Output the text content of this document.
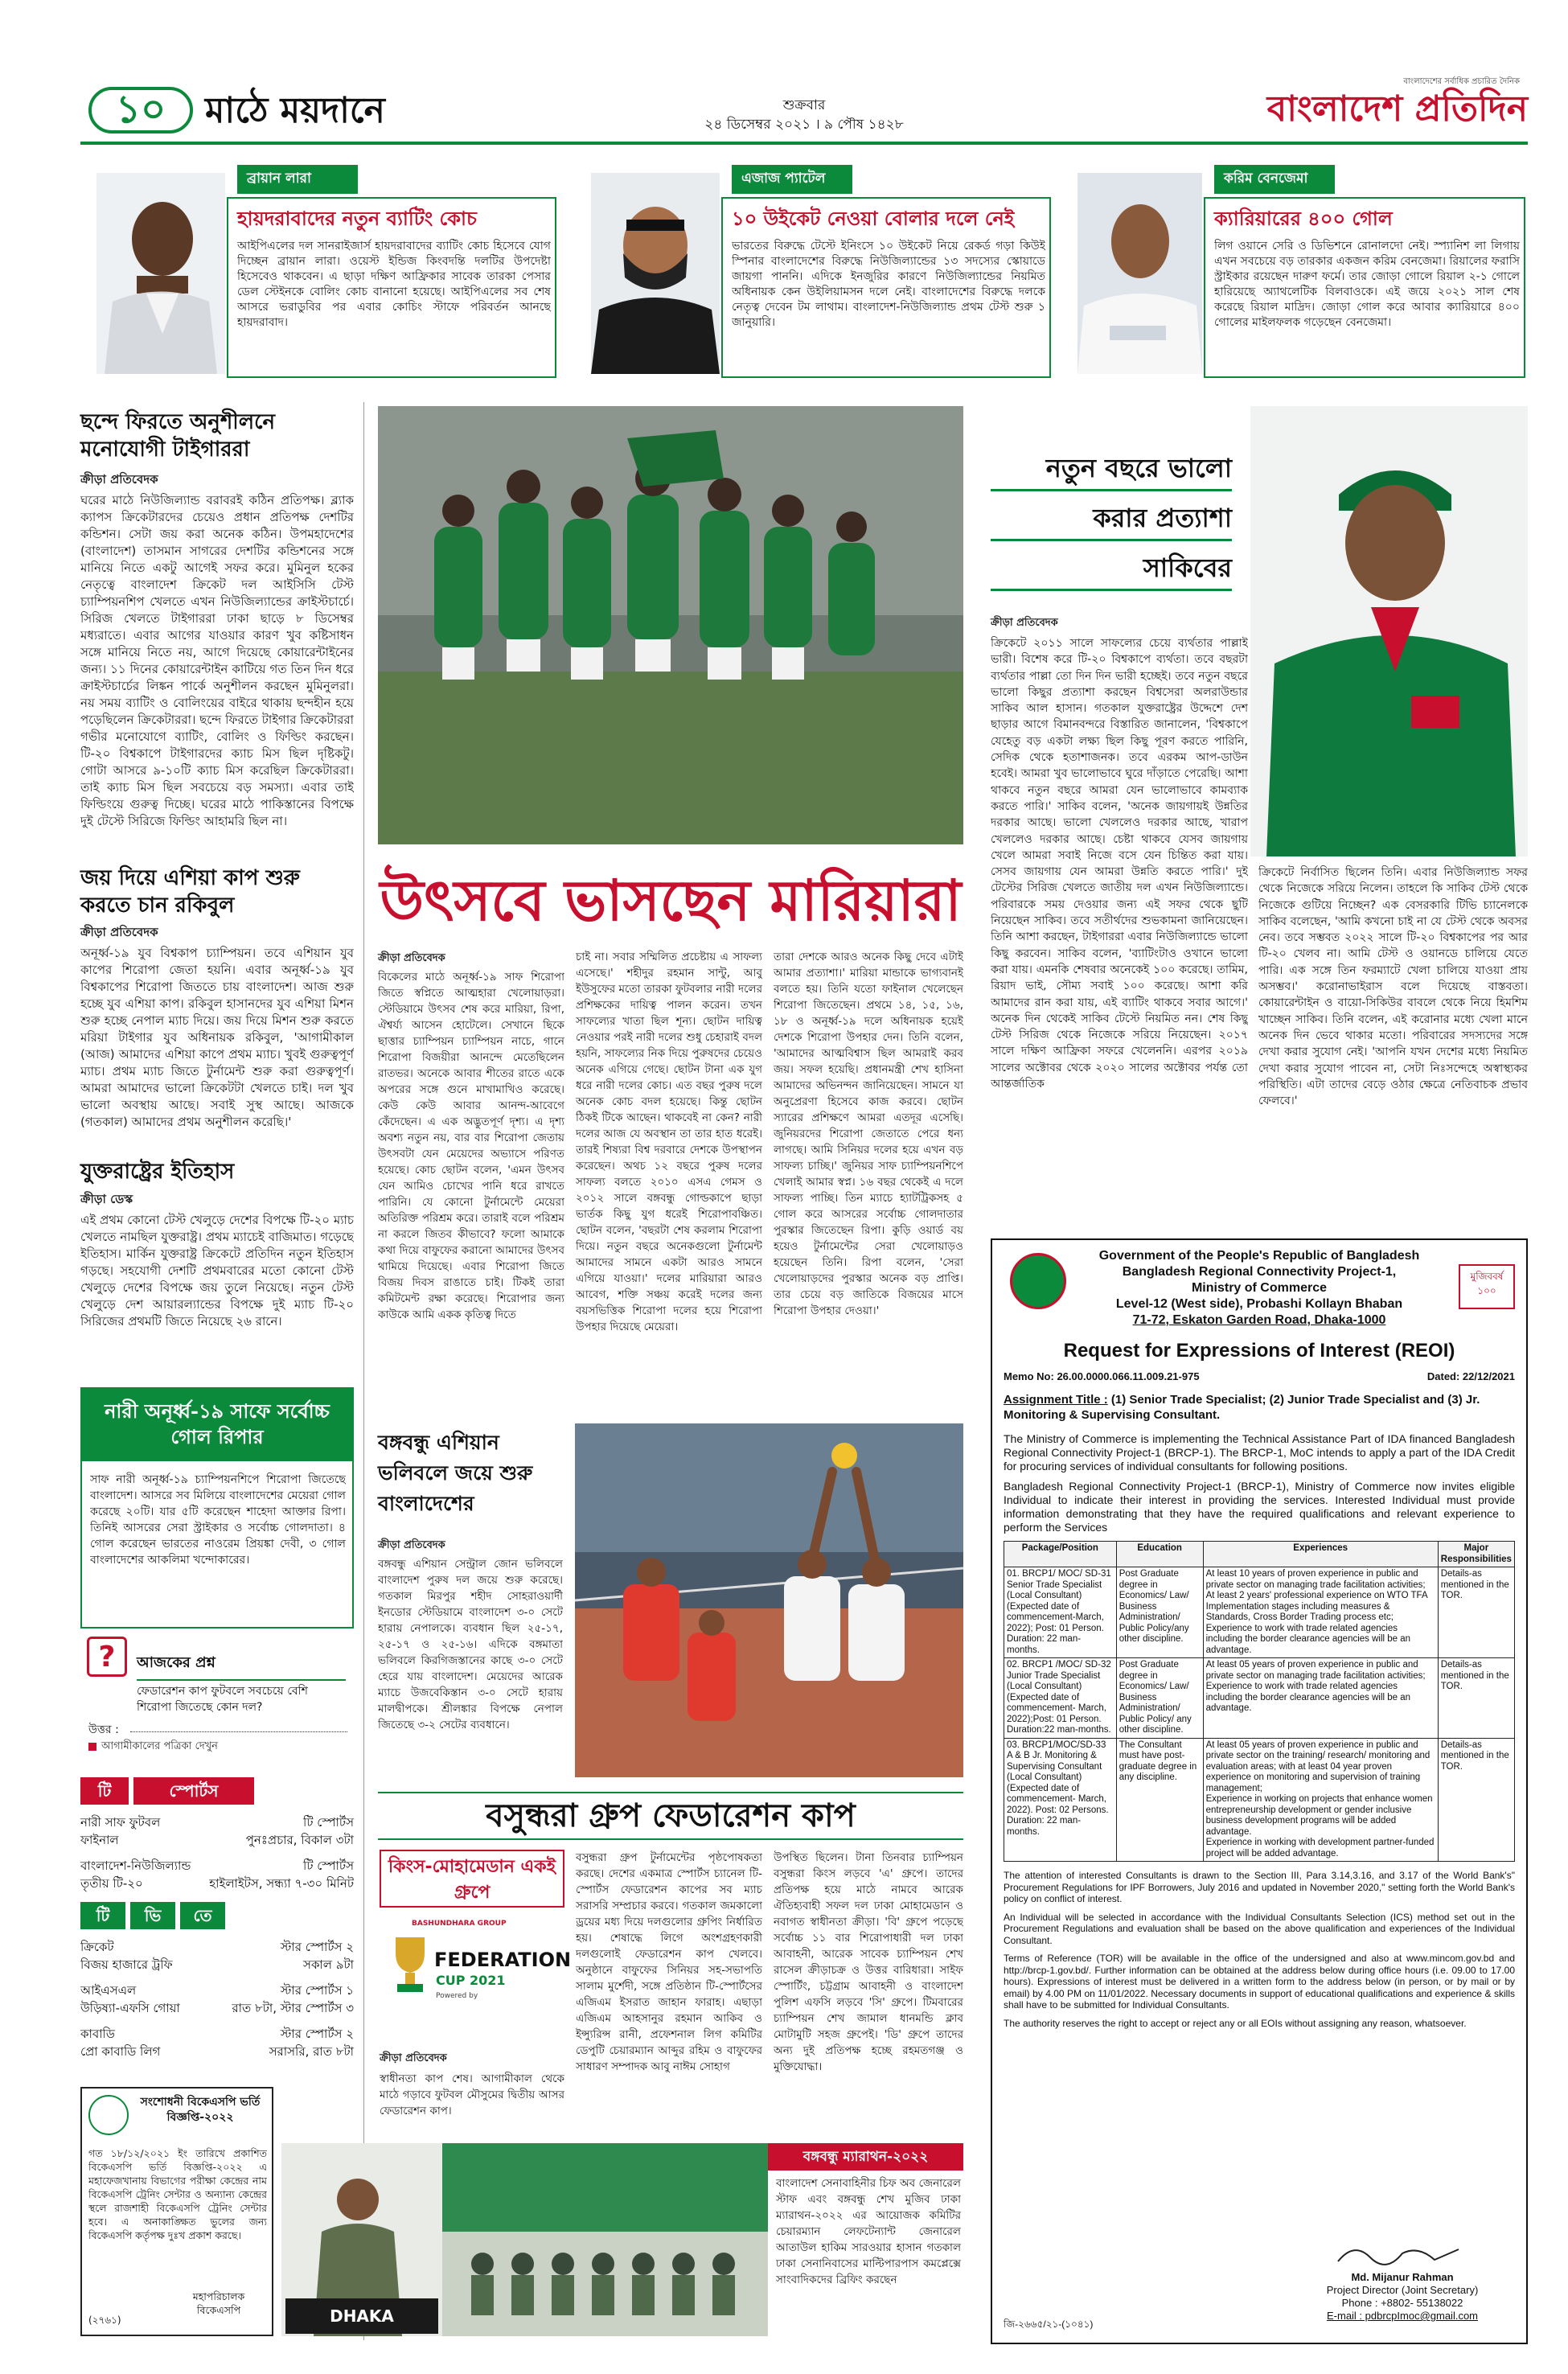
১০	মাঠে ময়দানে	শুক্রবার
২৪ ডিসেম্বর ২০২১ । ৯ পৌষ ১৪২৮
বাংলাদেশের সর্বাধিক প্রচারিত দৈনিক
বাংলাদেশ প্রতিদিন
ব্রায়ান লারা
হায়দরাবাদের নতুন ব্যাটিং কোচ
আইপিএলের দল সানরাইজার্স হায়দরাবাদের ব্যাটিং কোচ হিসেবে যোগ দিচ্ছেন ব্রায়ান লারা। ওয়েস্ট ইন্ডিজ কিংবদন্তি দলটির উপদেষ্টা হিসেবেও থাকবেন। এ ছাড়া দক্ষিণ আফ্রিকার সাবেক তারকা পেসার ডেল স্টেইনকে বোলিং কোচ বানানো হয়েছে। আইপিএলের সব শেষ আসরে ভরাডুবির পর এবার কোচিং স্টাফে পরিবর্তন আনছে হায়দরাবাদ।
এজাজ প্যাটেল
১০ উইকেট নেওয়া বোলার দলে নেই
ভারতের বিরুদ্ধে টেস্টে ইনিংসে ১০ উইকেট নিয়ে রেকর্ড গড়া কিউই স্পিনার বাংলাদেশের বিরুদ্ধে নিউজিল্যান্ডের ১৩ সদস্যের স্কোয়াডে জায়গা পাননি। এদিকে ইনজুরির কারণে নিউজিল্যান্ডের নিয়মিত অধিনায়ক কেন উইলিয়ামসন দলে নেই। বাংলাদেশের বিরুদ্ধে দলকে নেতৃত্ব দেবেন টম লাথাম। বাংলাদেশ-নিউজিল্যান্ড প্রথম টেস্ট শুরু ১ জানুয়ারি।
করিম বেনজেমা
ক্যারিয়ারের ৪০০ গোল
লিগ ওয়ানে সেরি ও ডিভিশনে রোনালদো নেই। স্প্যানিশ লা লিগায় এখন সবচেয়ে বড় তারকার একজন করিম বেনজেমা। রিয়ালের ফরাসি স্ট্রাইকার রয়েছেন দারুণ ফর্মে। তার জোড়া গোলে রিয়াল ২-১ গোলে হারিয়েছে অ্যাথলেটিক বিলবাওকে। এই জয়ে ২০২১ সাল শেষ করেছে রিয়াল মাদ্রিদ। জোড়া গোল করে আবার ক্যারিয়ারে ৪০০ গোলের মাইলফলক গড়েছেন বেনজেমা।
ছন্দে ফিরতে অনুশীলনে মনোযোগী টাইগাররা
ক্রীড়া প্রতিবেদক
ঘরের মাঠে নিউজিল্যান্ড বরাবরই কঠিন প্রতিপক্ষ। ব্ল্যাক ক্যাপস ক্রিকেটারদের চেয়েও প্রধান প্রতিপক্ষ দেশটির কন্ডিশন। সেটা জয় করা অনেক কঠিন। উপমহাদেশের (বাংলাদেশ) তাসমান সাগরের দেশটির কন্ডিশনের সঙ্গে মানিয়ে নিতে একটু আগেই সফর করে। মুমিনুল হকের নেতৃত্বে বাংলাদেশ ক্রিকেট দল আইসিসি টেস্ট চ্যাম্পিয়নশিপ খেলতে এখন নিউজিল্যান্ডের ক্রাইস্টচার্চে। সিরিজ খেলতে টাইগাররা ঢাকা ছাড়ে ৮ ডিসেম্বর মধ্যরাতে। এবার আগের যাওয়ার কারণ খুব কষ্টিসাধন সঙ্গে মানিয়ে নিতে নয়, আগে দিয়েছে কোয়ারেন্টাইনের জন্য। ১১ দিনের কোয়ারেন্টাইন কাটিয়ে গত তিন দিন ধরে ক্রাইস্টচার্চের লিঙ্কন পার্কে অনুশীলন করছেন মুমিনুলরা। নয় সময় ব্যাটিং ও বোলিংয়ের বাইরে থাকায় ছন্দহীন হয়ে পড়েছিলেন ক্রিকেটাররা। ছন্দে ফিরতে টাইগার ক্রিকেটাররা গভীর মনোযোগে ব্যাটিং, বোলিং ও ফিল্ডিং করছেন। টি-২০ বিশ্বকাপে টাইগারদের ক্যাচ মিস ছিল দৃষ্টিকটু। গোটা আসরে ৯-১০টি ক্যাচ মিস করেছিল ক্রিকেটাররা। তাই ক্যাচ মিস ছিল সবচেয়ে বড় সমস্যা। এবার তাই ফিল্ডিংয়ে গুরুত্ব দিচ্ছে। ঘরের মাঠে পাকিস্তানের বিপক্ষে দুই টেস্টে সিরিজে ফিল্ডিং আহামরি ছিল না।
জয় দিয়ে এশিয়া কাপ শুরু করতে চান রকিবুল
ক্রীড়া প্রতিবেদক
অনূর্ধ্ব-১৯ যুব বিশ্বকাপ চ্যাম্পিয়ন। তবে এশিয়ান যুব কাপের শিরোপা জেতা হয়নি। এবার অনূর্ধ্ব-১৯ যুব বিশ্বকাপের শিরোপা জিততে চায় বাংলাদেশ। আজ শুরু হচ্ছে যুব এশিয়া কাপ। রকিবুল হাসানদের যুব এশিয়া মিশন শুরু হচ্ছে নেপাল ম্যাচ দিয়ে। জয় দিয়ে মিশন শুরু করতে মরিয়া টাইগার যুব অধিনায়ক রকিবুল, 'আগামীকাল (আজ) আমাদের এশিয়া কাপে প্রথম ম্যাচ। খুবই গুরুত্বপূর্ণ ম্যাচ। প্রথম ম্যাচ জিতে টুর্নামেন্ট শুরু করা গুরুত্বপূর্ণ। আমরা আমাদের ভালো ক্রিকেটটা খেলতে চাই। দল খুব ভালো অবস্থায় আছে। সবাই সুস্থ আছে। আজকে (গতকাল) আমাদের প্রথম অনুশীলন করেছি।'
যুক্তরাষ্ট্রের ইতিহাস
ক্রীড়া ডেস্ক
এই প্রথম কোনো টেস্ট খেলুড়ে দেশের বিপক্ষে টি-২০ ম্যাচ খেলতে নামছিল যুক্তরাষ্ট্র। প্রথম ম্যাচেই বাজিমাত। গড়েছে ইতিহাস। মার্কিন যুক্তরাষ্ট্র ক্রিকেটে প্রতিদিন নতুন ইতিহাস গড়ছে। সহযোগী দেশটি প্রথমবারের মতো কোনো টেস্ট খেলুড়ে দেশের বিপক্ষে জয় তুলে নিয়েছে। নতুন টেস্ট খেলুড়ে দেশ আয়ারল্যান্ডের বিপক্ষে দুই ম্যাচ টি-২০ সিরিজের প্রথমটি জিতে নিয়েছে ২৬ রানে।
নারী অনূর্ধ্ব-১৯ সাফে সর্বোচ্চ গোল রিপার
সাফ নারী অনূর্ধ্ব-১৯ চ্যাম্পিয়নশিপে শিরোপা জিতেছে বাংলাদেশ। আসরে সব মিলিয়ে বাংলাদেশের মেয়েরা গোল করেছে ২০টি। যার ৫টি করেছেন শাহেদা আক্তার রিপা। তিনিই আসরের সেরা স্ট্রাইকার ও সর্বোচ্চ গোলদাতা। ৪ গোল করেছেন ভারতের নাওরেম প্রিয়ঙ্কা দেবী, ৩ গোল বাংলাদেশের আকলিমা খন্দোকারের।
?	আজকের প্রশ্ন
ফেডারেশন কাপ ফুটবলে সবচেয়ে বেশি শিরোপা জিতেছে কোন দল?
উত্তর :
আগামীকালের পত্রিকা দেখুন
টি	স্পোর্টস
নারী সাফ ফুটবল	টি স্পোর্টস
ফাইনাল	পুনঃপ্রচার, বিকাল ৩টা
বাংলাদেশ-নিউজিল্যান্ড	টি স্পোর্টস
তৃতীয় টি-২০	হাইলাইটস, সন্ধ্যা ৭-৩০ মিনিট
টি	ভি	তে
ক্রিকেট	স্টার স্পোর্টস ২
বিজয় হাজারে ট্রফি	সকাল ৯টা
আইএসএল	স্টার স্পোর্টস ১
উড়িষ্যা-এফসি গোয়া	রাত ৮টা, স্টার স্পোর্টস ৩
কাবাডি	স্টার স্পোর্টস ২
প্রো কাবাডি লিগ	সরাসরি, রাত ৮টা
সংশোধনী বিকেএসপি ভর্তি বিজ্ঞপ্তি-২০২২
গত ১৮/১২/২০২১ ইং তারিখে প্রকাশিত বিকেএসপি ভর্তি বিজ্ঞপ্তি-২০২২ এ মহাফেজখানায় বিভাগের পরীক্ষা কেন্দ্রের নাম বিকেএসপি ট্রেনিং সেন্টার ও অন্যান্য কেন্দ্রের স্থলে রাজশাহী বিকেএসপি ট্রেনিং সেন্টার হবে। এ অনাকাঙ্ক্ষিত ভুলের জন্য বিকেএসপি কর্তৃপক্ষ দুঃখ প্রকাশ করছে।
মহাপরিচালক বিকেএসপি
(২৭৬১)
উৎসবে ভাসছেন মারিয়ারা
ক্রীড়া প্রতিবেদক
বিকেলের মাঠে অনূর্ধ্ব-১৯ সাফ শিরোপা জিতে স্বপ্নিতে আত্মহারা খেলোয়াড়রা। স্টেডিয়ামে উৎসব শেষ করে মারিয়া, রিপা, ঐশ্বর্য্য আসেন হোটেলে। সেখানে ছিকে ছাত্তার চ্যাম্পিয়ন চ্যাম্পিয়ন নাচে, গানে শিরোপা বিজয়ীরা আনন্দে মেতেছিলেন রাতভর। অনেকে আবার শীতের রাতে একে অপরের সঙ্গে গুনে মাখামাখিও করেছে। কেউ কেউ আবার আনন্দ-আবেগে কেঁদেছেন। এ এক অদ্ভুতপূর্ণ দৃশ্য। এ দৃশ্য অবশ্য নতুন নয়, বার বার শিরোপা জেতায় উৎসবটা যেন মেয়েদের অভ্যাসে পরিণত হয়েছে। কোচ ছোটন বলেন, 'এমন উৎসব যেন আমিও চোখের পানি ধরে রাখতে পারিনি। যে কোনো টুর্নামেন্টে মেয়েরা অতিরিক্ত পরিশ্রম করে। তারাই বলে পরিশ্রম না করলে জিতব কীভাবে? ফলো আমাকে কথা দিয়ে বাফুফের করানো আমাদের উৎসব থামিয়ে দিয়েছে। এবার শিরোপা জিতে বিজয় দিবস রাঙাতে চাই। টিকই তারা কমিটমেন্ট রক্ষা করেছে। শিরোপার জন্য কাউকে আমি একক কৃতিত্ব দিতে
চাই না। সবার সম্মিলিত প্রচেষ্টায় এ সাফল্য এসেছে।' শহীদুর রহমান সান্টু, আবু ইউসুফের মতো তারকা ফুটবলার নারী দলের প্রশিক্ষকের দায়িত্ব পালন করেন। তখন সাফল্যের খাতা ছিল শূন্য। ছোটন দায়িত্ব নেওয়ার পরই নারী দলের শুধু চেহারাই বদল হয়নি, সাফল্যের নিক দিয়ে পুরুষদের চেয়েও অনেক এগিয়ে গেছে। ছোটন টানা এক যুগ ধরে নারী দলের কোচ। এত বছর পুরুষ দলে অনেক কোচ বদল হয়েছে। কিন্তু ছোটন ঠিকই টিকে আছেন। থাকবেই না কেন? নারী দলের আজ যে অবস্থান তা তার হাত ধরেই। তারই শিষ্যরা বিশ্ব দরবারে দেশকে উপস্থাপন করেছেন। অথচ ১২ বছরে পুরুষ দলের সাফল্য বলতে ২০১০ এসএ গেমস ও ২০১২ সালে বঙ্গবন্ধু গোল্ডকাপে ছাড়া ভার্তক কিছু যুগ ধরেই শিরোপাবঞ্চিত। ছোটন বলেন, 'বছরটা শেষ করলাম শিরোপা দিয়ে। নতুন বছরে অনেকগুলো টুর্নামেন্ট আমাদের সামনে একটা আরও সামনে এগিয়ে যাওয়া।' দলের মারিয়ারা আরও আবেগ, শক্তি সঞ্চয় করেই দলের জন্য বয়সভিত্তিক শিরোপা দলের হয়ে শিরোপা উপহার দিয়েছে মেয়েরা।
তারা দেশকে আরও অনেক কিছু দেবে এটাই আমার প্রত্যাশা।' মারিয়া মান্ডাকে ভাগ্যবানই বলতে হয়। তিনি যতো ফাইনাল খেলেছেন শিরোপা জিতেছেন। প্রথমে ১৪, ১৫, ১৬, ১৮ ও অনূর্ধ্ব-১৯ দলে অধিনায়ক হয়েই দেশকে শিরোপা উপহার দেন। তিনি বলেন, 'আমাদের আত্মবিশ্বাস ছিল আমরাই করব জয়। সফল হয়েছি। প্রধানমন্ত্রী শেখ হাসিনা আমাদের অভিনন্দন জানিয়েছেন। সামনে যা অনুপ্রেরণা হিসেবে কাজ করবে। ছোটন স্যারের প্রশিক্ষণে আমরা এতদূর এসেছি। জুনিয়রদের শিরোপা জেতাতে পেরে ধন্য লাগছে। আমি সিনিয়র দলের হয়ে এখন বড় সাফল্য চাচ্ছি।' জুনিয়র সাফ চ্যাম্পিয়নশিপে খেলাই আমার স্বপ্ন। ১৬ বছর থেকেই এ দলে সাফল্য পাচ্ছি। তিন ম্যাচে হ্যাটট্রিকসহ ৫ গোল করে আসরের সর্বোচ্চ গোলদাতার পুরস্কার জিতেছেন রিপা। কুড়ি ওয়ার্ড বয় হয়েও টুর্নামেন্টের সেরা খেলোয়াড়ও হয়েছেন তিনি। রিপা বলেন, 'সেরা খেলোয়াড়দের পুরস্কার অনেক বড় প্রাপ্তি। তার চেয়ে বড় জাতিকে বিজয়ের মাসে শিরোপা উপহার দেওয়া।'
বঙ্গবন্ধু এশিয়ান ভলিবলে জয়ে শুরু বাংলাদেশের
ক্রীড়া প্রতিবেদক
বঙ্গবন্ধু এশিয়ান সেন্ট্রাল জোন ভলিবলে বাংলাদেশ পুরুষ দল জয়ে শুরু করেছে। গতকাল মিরপুর শহীদ সোহরাওয়ার্দী ইনডোর স্টেডিয়ামে বাংলাদেশ ৩-০ সেটে হারায় নেপালকে। ব্যবধান ছিল ২৫-১৭, ২৫-১৭ ও ২৫-১৬। এদিকে বঙ্গমাতা ভলিবলে কিরগিজস্তানের কাছে ৩-০ সেটে হেরে যায় বাংলাদেশ। মেয়েদের আরেক ম্যাচে উজবেকিস্তান ৩-০ সেটে হারায় মালদ্বীপকে। শ্রীলঙ্কার বিপক্ষে নেপাল জিতেছে ৩-২ সেটের ব্যবধানে।
বসুন্ধরা গ্রুপ ফেডারেশন কাপ
কিংস-মোহামেডান একই গ্রুপে
BASHUNDHARA GROUP
FEDERATION
CUP 2021
Powered by
ক্রীড়া প্রতিবেদক
স্বাধীনতা কাপ শেষ। আগামীকাল থেকে মাঠে গড়াবে ফুটবল মৌসুমের দ্বিতীয় আসর ফেডারেশন কাপ।
বসুন্ধরা গ্রুপ টুর্নামেন্টের পৃষ্ঠপোষকতা করছে। দেশের একমাত্র স্পোর্টস চ্যানেল টি-স্পোর্টস ফেডারেশন কাপের সব ম্যাচ সরাসরি সম্প্রচার করবে। গতকাল জমকালো ড্রয়ের মধ্য দিয়ে দলগুলোর গ্রুপিং নির্ধারিত হয়। শেষাদ্ধে লিগে অংশগ্রহণকারী দলগুলোই ফেডারেশন কাপ খেলবে। অনুষ্ঠানে বাফুফের সিনিয়র সহ-সভাপতি সালাম মুর্শেদী, সঙ্গে প্রতিষ্ঠান টি-স্পোর্টসের এজিএম ইসরাত জাহান ফারাহ। এছাড়া এজিএম আহসানুর রহমান আকিব ও ইন্স্যুরিন্স রানী, প্রফেশনাল লিগ কমিটির ডেপুটি চেয়ারম্যান আব্দুর রহিম ও বাফুফের সাধারণ সম্পাদক আবু নাঈম সোহাগ
উপস্থিত ছিলেন। টানা তিনবার চ্যাম্পিয়ন বসুন্ধরা কিংস লড়বে 'এ' গ্রুপে। তাদের প্রতিপক্ষ হয়ে মাঠে নামবে আরেক ঐতিহ্যবাহী সফল দল ঢাকা মোহামেডান ও নবাগত স্বাধীনতা ক্রীড়া। 'বি' গ্রুপে পড়েছে সর্বোচ্চ ১১ বার শিরোপাধারী দল ঢাকা আবাহনী, আরেক সাবেক চ্যাম্পিয়ন শেখ রাসেল ক্রীড়াচক্র ও উত্তর বারিধারা। সাইফ স্পোর্টিং, চট্টগ্রাম আবাহনী ও বাংলাদেশ পুলিশ এফসি লড়বে 'সি' গ্রুপে। টিমবারের চ্যাম্পিয়ন শেখ জামাল ধানমন্ডি ক্লাব মোটামুটি সহজ গ্রুপেই। 'ডি' গ্রুপে তাদের অন্য দুই প্রতিপক্ষ হচ্ছে রহমতগঞ্জ ও মুক্তিযোদ্ধা।
DHAKA MARATHON
বঙ্গবন্ধু ম্যারাথন-২০২২
বাংলাদেশ সেনাবাহিনীর চিফ অব জেনারেল স্টাফ এবং বঙ্গবন্ধু শেখ মুজিব ঢাকা ম্যারাথন-২০২২ এর আয়োজক কমিটির চেয়ারম্যান লেফটেন্যান্ট জেনারেল আতাউল হাকিম সারওয়ার হাসান গতকাল ঢাকা সেনানিবাসের মাল্টিপারপাস কমপ্লেক্সে সাংবাদিকদের ব্রিফিং করছেন
নতুন বছরে ভালো
করার প্রত্যাশা
সাকিবের
ক্রীড়া প্রতিবেদক
ক্রিকেটে ২০১১ সালে সাফল্যের চেয়ে ব্যর্থতার পাল্লাই ভারী। বিশেষ করে টি-২০ বিশ্বকাপে ব্যর্থতা। তবে বছরটা ব্যর্থতার পাল্লা তো দিন দিন ভারী হচ্ছেই। তবে নতুন বছরে ভালো কিছুর প্রত্যাশা করছেন বিশ্বসেরা অলরাউন্ডার সাকিব আল হাসান। গতকাল যুক্তরাষ্ট্রের উদ্দেশে দেশ ছাড়ার আগে বিমানবন্দরে বিস্তারিত জানালেন, 'বিশ্বকাপে যেহেতু বড় একটা লক্ষ্য ছিল কিছু পূরণ করতে পারিনি, সেদিক থেকে হতাশাজনক। তবে এরকম আপ-ডাউন হবেই। আমরা খুব ভালোভাবে ঘুরে দাঁড়াতে পেরেছি। আশা থাকবে নতুন বছরে আমরা যেন ভালোভাবে কামব্যাক করতে পারি।' সাকিব বলেন, 'অনেক জায়গায়ই উন্নতির দরকার আছে। ভালো খেললেও দরকার আছে, খারাপ খেললেও দরকার আছে। চেষ্টা থাকবে যেসব জায়গায় খেলে আমরা সবাই নিজে বসে যেন চিন্তিত করা যায়। সেসব জায়গায় যেন আমরা উন্নতি করতে পারি।' দুই টেস্টের সিরিজ খেলতে জাতীয় দল এখন নিউজিল্যান্ডে। পরিবারকে সময় দেওয়ার জন্য এই সফর থেকে ছুটি নিয়েছেন সাকিব। তবে সতীর্থদের শুভকামনা জানিয়েছেন। তিনি আশা করছেন, টাইগাররা এবার নিউজিল্যান্ডে ভালো কিছু করবেন। সাকিব বলেন, 'ব্যাটিংটাও ওখানে ভালো করা যায়। এমনকি শেষবার অনেকেই ১০০ করেছে। তামিম, রিয়াদ ভাই, সৌম্য সবাই ১০০ করেছে। আশা করি আমাদের রান করা যায়, এই ব্যাটিং থাকবে সবার আগে।' অনেক দিন থেকেই সাকিব টেস্টে নিয়মিত নন। শেষ কিছু টেস্ট সিরিজ থেকে নিজেকে সরিয়ে নিয়েছেন। ২০১৭ সালে দক্ষিণ আফ্রিকা সফরে খেলেননি। এরপর ২০১৯ সালের অক্টোবর থেকে ২০২০ সালের অক্টোবর পর্যন্ত তো আন্তর্জাতিক
ক্রিকেটে নির্বাসিত ছিলেন তিনি। এবার নিউজিল্যান্ড সফর থেকে নিজেকে সরিয়ে নিলেন। তাহলে কি সাকিব টেস্ট থেকে নিজেকে গুটিয়ে নিচ্ছেন? এক বেসরকারি টিভি চ্যানেলকে সাকিব বলেছেন, 'আমি কখনো চাই না যে টেস্ট থেকে অবসর নেব। তবে সম্ভবত ২০২২ সালে টি-২০ বিশ্বকাপের পর আর টি-২০ খেলব না। আমি টেস্ট ও ওয়ানডে চালিয়ে যেতে পারি। এক সঙ্গে তিন ফরম্যাটে খেলা চালিয়ে যাওয়া প্রায় অসম্ভব।' করোনাভাইরাস বলে দিয়েছে বাস্তবতা। কোয়ারেন্টাইন ও বায়ো-সিকিউর বাবলে থেকে নিয়ে হিমশিম খাচ্ছেন সাকিব। তিনি বলেন, এই করোনার মধ্যে খেলা মানে অনেক দিন ভেবে থাকার মতো। পরিবারের সদস্যদের সঙ্গে দেখা করার সুযোগ নেই। 'আপনি যখন দেশের মধ্যে নিয়মিত দেখা করার সুযোগ পাবেন না, সেটা নিঃসন্দেহে অস্বাস্থ্যকর পরিস্থিতি। এটা তাদের বেড়ে ওঠার ক্ষেত্রে নেতিবাচক প্রভাব ফেলবে।'
মুজিববর্ষ ১০০
Government of the People's Republic of Bangladesh
Bangladesh Regional Connectivity Project-1,
Ministry of Commerce
Level-12 (West side), Probashi Kollayn Bhaban
71-72, Eskaton Garden Road, Dhaka-1000
Request for Expressions of Interest (REOI)
Memo No: 26.00.0000.066.11.009.21-975	Dated: 22/12/2021
Assignment Title : (1) Senior Trade Specialist; (2) Junior Trade Specialist and (3) Jr. Monitoring & Supervising Consultant.

The Ministry of Commerce is implementing the Technical Assistance Part of IDA financed Bangladesh Regional Connectivity Project-1 (BRCP-1). The BRCP-1, MoC intends to apply a part of the IDA Credit for procuring services of individual consultants for following positions.

Bangladesh Regional Connectivity Project-1 (BRCP-1), Ministry of Commerce now invites eligible Individual to indicate their interest in providing the services. Interested Individual must provide information demonstrating that they have the required qualifications and relevant experience to perform the Services

Package/Position	Education	Experiences	Major Responsibilities
01. BRCP1/ MOC/ SD-31 Senior Trade Specialist (Local Consultant) (Expected date of commencement-March, 2022); Post: 01 Person. Duration: 22 man-months.	Post Graduate degree in Economics/ Law/ Business Administration/ Public Policy/any other discipline.	At least 10 years of proven experience in public and private sector on managing trade facilitation activities;
At least 2 years' professional experience on WTO TFA Implementation stages including measures & Standards, Cross Border Trading process etc;
Experience to work with trade related agencies including the border clearance agencies will be an advantage.	Details-as mentioned in the TOR.
02. BRCP1 /MOC/ SD-32 Junior Trade Specialist (Local Consultant) (Expected date of commencement- March, 2022);Post: 01 Person. Duration:22 man-months.	Post Graduate degree in Economics/ Law/ Business Administration/ Public Policy/ any other discipline.	At least 05 years of proven experience in public and private sector on managing trade facilitation activities;
Experience to work with trade related agencies including the border clearance agencies will be an advantage.	Details-as mentioned in the TOR.
03. BRCP1/MOC/SD-33 A & B Jr. Monitoring & Supervising Consultant (Local Consultant) (Expected date of commencement- March, 2022). Post: 02 Persons. Duration: 22 man- months.	The Consultant must have post-graduate degree in any discipline.	At least 05 years of proven experience in public and private sector on the training/ research/ monitoring and evaluation areas; with at least 04 year proven experience on monitoring and supervision of training management;
Experience in working on projects that enhance women entrepreneurship development or gender inclusive business development programs will be added advantage.
Experience in working with development partner-funded project will be added advantage.	Details-as mentioned in the TOR.

The attention of interested Consultants is drawn to the Section III, Para 3.14,3.16, and 3.17 of the World Bank's" Procurement Regulations for IPF Borrowers, July 2016 and updated in November 2020," setting forth the World Bank's policy on conflict of interest.

An Individual will be selected in accordance with the Individual Consultants Selection (ICS) method set out in the Procurement Regulations and evaluation shall be based on the above qualification and experiences of the Individual Consultant.

Terms of Reference (TOR) will be available in the office of the undersigned and also at www.mincom.gov.bd and http://brcp-1.gov.bd/. Further information can be obtained at the address below during office hours (i.e. 09.00 to 17.00 hours). Expressions of interest must be delivered in a written form to the address below (in person, or by mail or by email) by 4.00 PM on 11/01/2022. Necessary documents in support of educational qualifications and experience & skills shall have to be submitted for Individual Consultants.

The authority reserves the right to accept or reject any or all EOIs without assigning any reason, whatsoever.

Md. Mijanur Rahman
Project Director (Joint Secretary)
Phone : +8802- 55138022
E-mail : pdbrcpImoc@gmail.com
জি-২৬৬৫/২১-(১০৪১)
